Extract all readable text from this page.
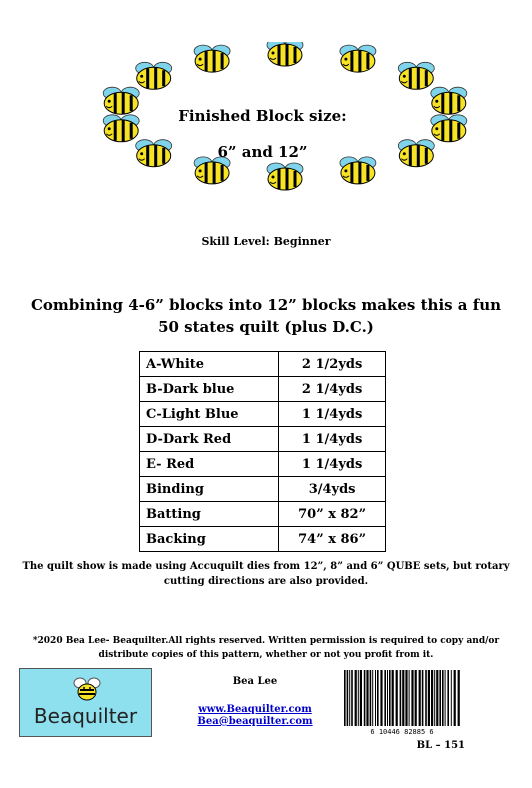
Finished Block size:
6” and 12”
Skill Level: Beginner
Combining 4-6” blocks into 12” blocks makes this a fun 50 states quilt (plus D.C.)
A-White	2 1/2yds
B-Dark blue	2 1/4yds
C-Light Blue	1 1/4yds
D-Dark Red	1 1/4yds
E- Red	1 1/4yds
Binding	3/4yds
Batting	70” x 82”
Backing	74” x 86”
The quilt show is made using Accuquilt dies from 12”, 8” and 6” QUBE sets, but rotary cutting directions are also provided.
*2020 Bea Lee- Beaquilter.All rights reserved. Written permission is required to copy and/or distribute copies of this pattern, whether or not you profit from it.
Beaquilter
Bea Lee
www.Beaquilter.com
Bea@beaquilter.com
6 10446 82885 6
BL – 151
